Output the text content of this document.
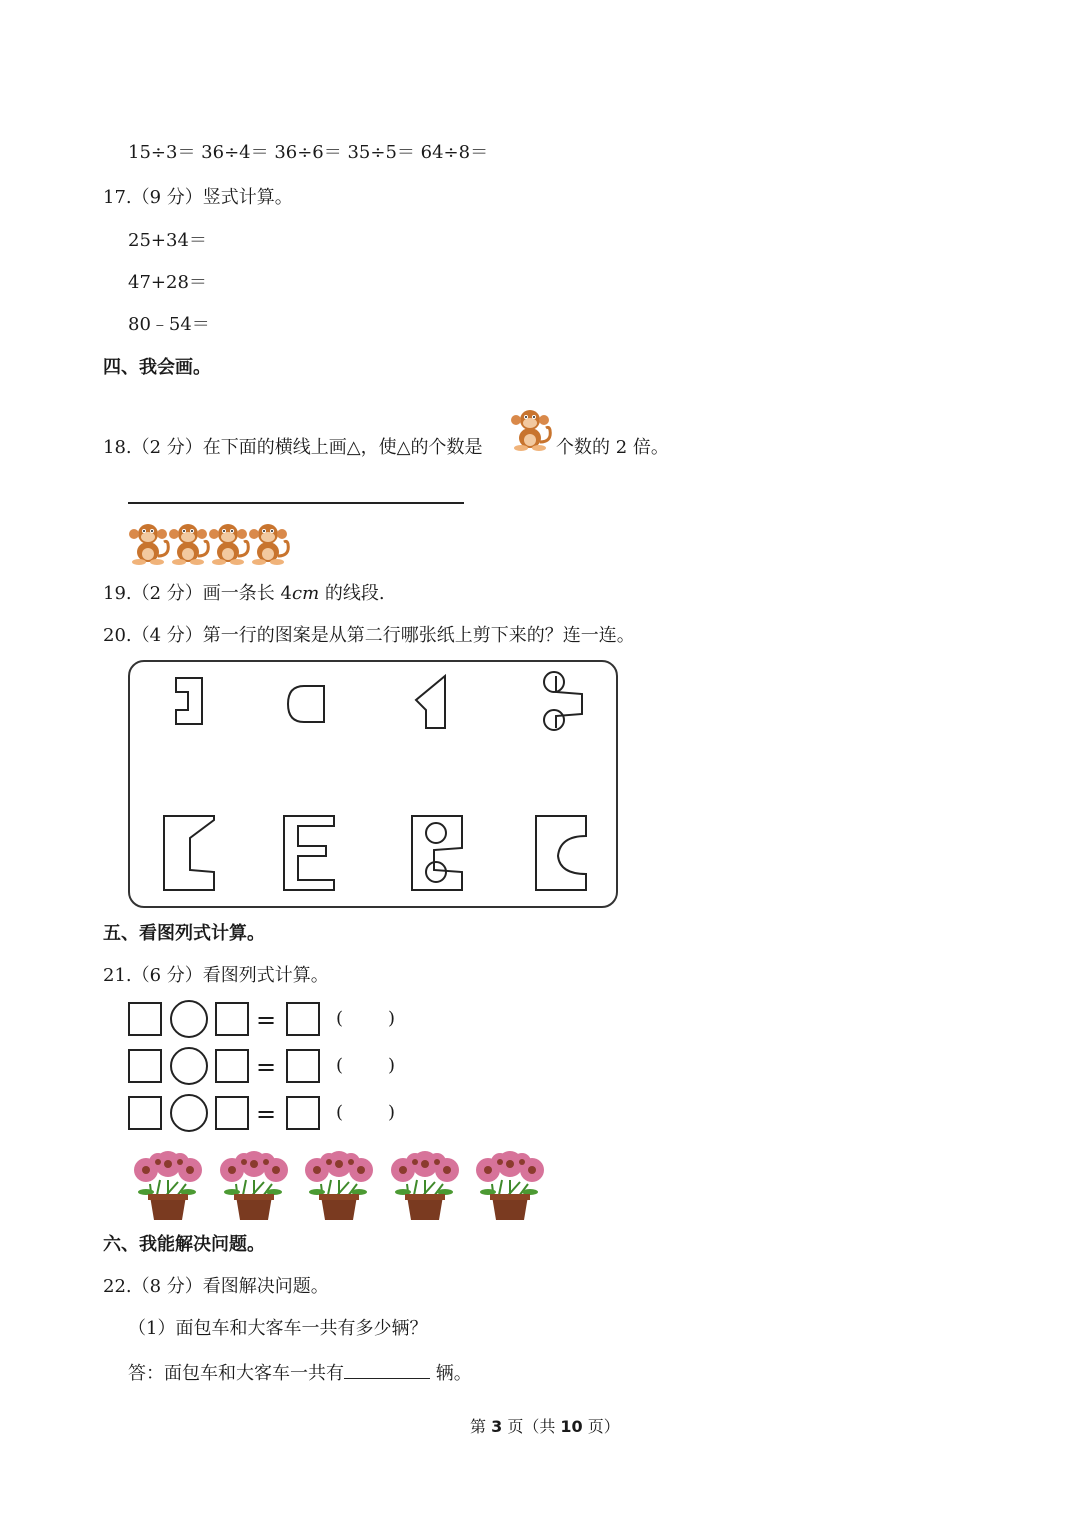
15÷3＝ 36÷4＝ 36÷6＝ 35÷5＝ 64÷8＝
17.（9 分）竖式计算。
25+34＝
47+28＝
80﹣54＝
四、我会画。
18.（2 分）在下面的横线上画△，使△的个数是	个数的 2 倍。
19.（2 分）画一条长 4cm 的线段.
20.（4 分）第一行的图案是从第二行哪张纸上剪下来的？连一连。
五、看图列式计算。
21.（6 分）看图列式计算。
=	( )
=	( )
=	( )
六、我能解决问题。
22.（8 分）看图解决问题。
（1）面包车和大客车一共有多少辆？
答：面包车和大客车一共有	辆。
第 3 页（共 10 页）
